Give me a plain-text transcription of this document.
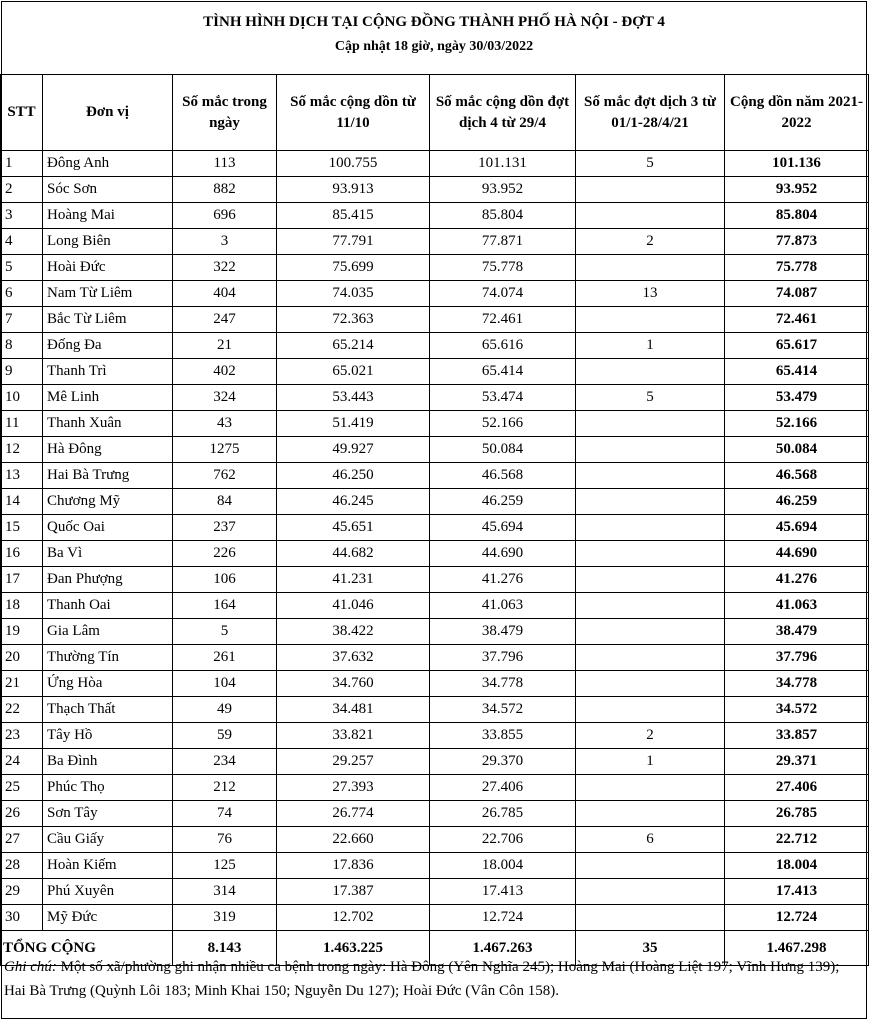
TÌNH HÌNH DỊCH TẠI CỘNG ĐỒNG THÀNH PHỐ HÀ NỘI - ĐỢT 4
Cập nhật 18 giờ, ngày 30/03/2022
STT	Đơn vị	Số mắc trong ngày	Số mắc cộng dồn từ 11/10	Số mắc cộng dồn đợt dịch 4 từ 29/4	Số mắc đợt dịch 3 từ 01/1-28/4/21	Cộng dồn năm 2021-2022
1	Đông Anh	113	100.755	101.131	5	101.136
2	Sóc Sơn	882	93.913	93.952		93.952
3	Hoàng Mai	696	85.415	85.804		85.804
4	Long Biên	3	77.791	77.871	2	77.873
5	Hoài Đức	322	75.699	75.778		75.778
6	Nam Từ Liêm	404	74.035	74.074	13	74.087
7	Bắc Từ Liêm	247	72.363	72.461		72.461
8	Đống Đa	21	65.214	65.616	1	65.617
9	Thanh Trì	402	65.021	65.414		65.414
10	Mê Linh	324	53.443	53.474	5	53.479
11	Thanh Xuân	43	51.419	52.166		52.166
12	Hà Đông	1275	49.927	50.084		50.084
13	Hai Bà Trưng	762	46.250	46.568		46.568
14	Chương Mỹ	84	46.245	46.259		46.259
15	Quốc Oai	237	45.651	45.694		45.694
16	Ba Vì	226	44.682	44.690		44.690
17	Đan Phượng	106	41.231	41.276		41.276
18	Thanh Oai	164	41.046	41.063		41.063
19	Gia Lâm	5	38.422	38.479		38.479
20	Thường Tín	261	37.632	37.796		37.796
21	Ứng Hòa	104	34.760	34.778		34.778
22	Thạch Thất	49	34.481	34.572		34.572
23	Tây Hồ	59	33.821	33.855	2	33.857
24	Ba Đình	234	29.257	29.370	1	29.371
25	Phúc Thọ	212	27.393	27.406		27.406
26	Sơn Tây	74	26.774	26.785		26.785
27	Cầu Giấy	76	22.660	22.706	6	22.712
28	Hoàn Kiếm	125	17.836	18.004		18.004
29	Phú Xuyên	314	17.387	17.413		17.413
30	Mỹ Đức	319	12.702	12.724		12.724
TỔNG CỘNG		8.143	1.463.225	1.467.263	35	1.467.298
Ghi chú: Một số xã/phường ghi nhận nhiều ca bệnh trong ngày: Hà Đông (Yên Nghĩa 245); Hoàng Mai (Hoàng Liệt 197; Vĩnh Hưng 139); Hai Bà Trưng (Quỳnh Lôi 183; Minh Khai 150; Nguyễn Du 127); Hoài Đức (Vân Côn 158).
